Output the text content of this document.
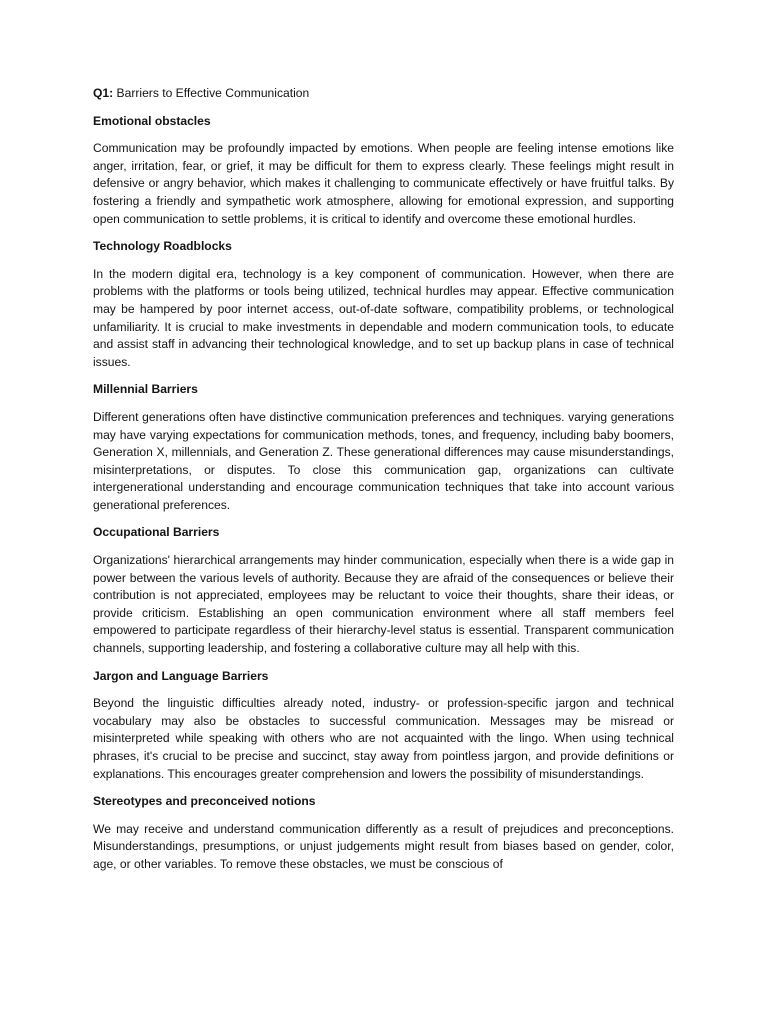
Q1: Barriers to Effective Communication
Emotional obstacles
Communication may be profoundly impacted by emotions. When people are feeling intense emotions like anger, irritation, fear, or grief, it may be difficult for them to express clearly. These feelings might result in defensive or angry behavior, which makes it challenging to communicate effectively or have fruitful talks. By fostering a friendly and sympathetic work atmosphere, allowing for emotional expression, and supporting open communication to settle problems, it is critical to identify and overcome these emotional hurdles.
Technology Roadblocks
In the modern digital era, technology is a key component of communication. However, when there are problems with the platforms or tools being utilized, technical hurdles may appear. Effective communication may be hampered by poor internet access, out-of-date software, compatibility problems, or technological unfamiliarity. It is crucial to make investments in dependable and modern communication tools, to educate and assist staff in advancing their technological knowledge, and to set up backup plans in case of technical issues.
Millennial Barriers
Different generations often have distinctive communication preferences and techniques. varying generations may have varying expectations for communication methods, tones, and frequency, including baby boomers, Generation X, millennials, and Generation Z. These generational differences may cause misunderstandings, misinterpretations, or disputes. To close this communication gap, organizations can cultivate intergenerational understanding and encourage communication techniques that take into account various generational preferences.
Occupational Barriers
Organizations' hierarchical arrangements may hinder communication, especially when there is a wide gap in power between the various levels of authority. Because they are afraid of the consequences or believe their contribution is not appreciated, employees may be reluctant to voice their thoughts, share their ideas, or provide criticism. Establishing an open communication environment where all staff members feel empowered to participate regardless of their hierarchy-level status is essential. Transparent communication channels, supporting leadership, and fostering a collaborative culture may all help with this.
Jargon and Language Barriers
Beyond the linguistic difficulties already noted, industry- or profession-specific jargon and technical vocabulary may also be obstacles to successful communication. Messages may be misread or misinterpreted while speaking with others who are not acquainted with the lingo. When using technical phrases, it's crucial to be precise and succinct, stay away from pointless jargon, and provide definitions or explanations. This encourages greater comprehension and lowers the possibility of misunderstandings.
Stereotypes and preconceived notions
We may receive and understand communication differently as a result of prejudices and preconceptions. Misunderstandings, presumptions, or unjust judgements might result from biases based on gender, color, age, or other variables. To remove these obstacles, we must be conscious of
